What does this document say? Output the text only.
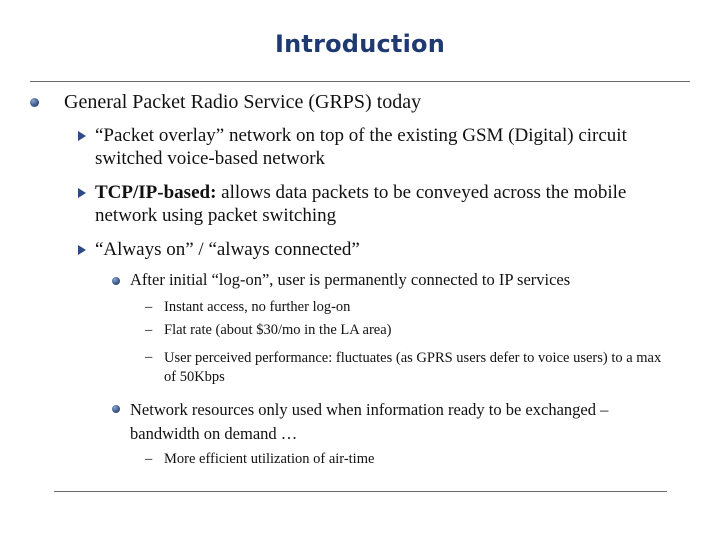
Introduction

General Packet Radio Service (GRPS) today

“Packet overlay” network on top of the existing GSM (Digital) circuit switched voice-based network

TCP/IP-based: allows data packets to be conveyed across the mobile network using packet switching

“Always on” / “always connected”

After initial “log-on”, user is permanently connected to IP services

– Instant access, no further log-on

– Flat rate (about $30/mo in the LA area)

– User perceived performance: fluctuates (as GPRS users defer to voice users) to a max of 50Kbps

Network resources only used when information ready to be exchanged – bandwidth on demand …

– More efficient utilization of air-time
